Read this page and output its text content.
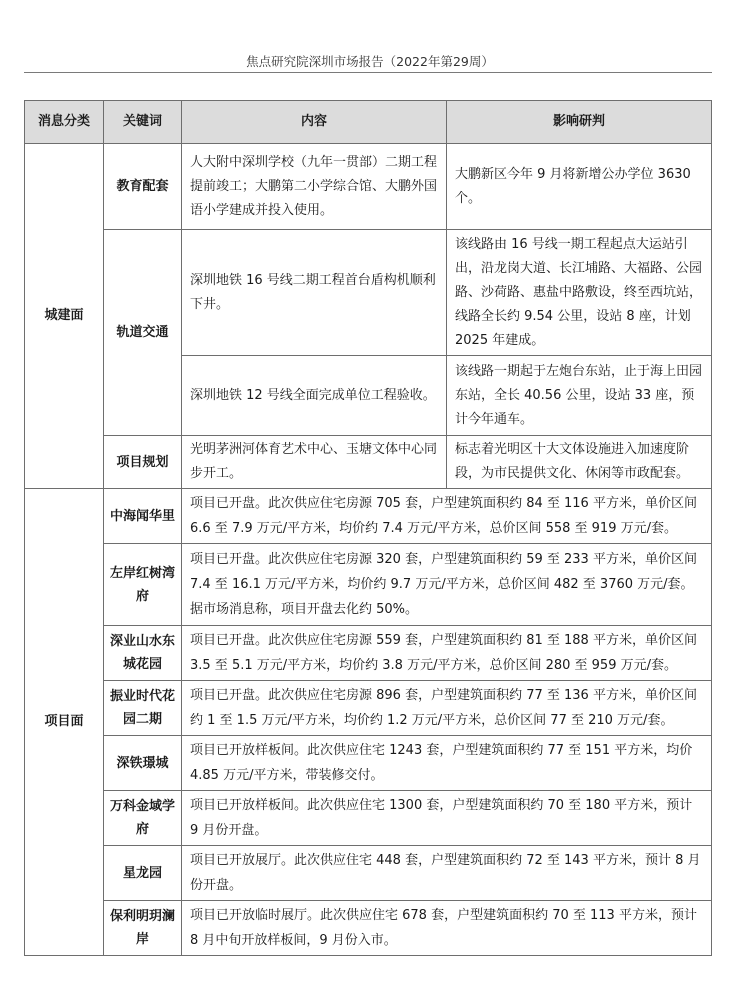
焦点研究院深圳市场报告（2022年第29周）
消息分类	关键词	内容	影响研判
城建面	教育配套	人大附中深圳学校（九年一贯部）二期工程提前竣工；大鹏第二小学综合馆、大鹏外国语小学建成并投入使用。	大鹏新区今年 9 月将新增公办学位 3630 个。
	轨道交通	深圳地铁 16 号线二期工程首台盾构机顺利下井。	该线路由 16 号线一期工程起点大运站引出，沿龙岗大道、长江埔路、大福路、公园路、沙荷路、惠盐中路敷设，终至西坑站，线路全长约 9.54 公里，设站 8 座，计划 2025 年建成。
		深圳地铁 12 号线全面完成单位工程验收。	该线路一期起于左炮台东站，止于海上田园东站，全长 40.56 公里，设站 33 座，预计今年通车。
	项目规划	光明茅洲河体育艺术中心、玉塘文体中心同步开工。	标志着光明区十大文体设施进入加速度阶段，为市民提供文化、休闲等市政配套。
项目面	中海闻华里	项目已开盘。此次供应住宅房源 705 套，户型建筑面积约 84 至 116 平方米，单价区间 6.6 至 7.9 万元/平方米，均价约 7.4 万元/平方米，总价区间 558 至 919 万元/套。	
	左岸红树湾府	项目已开盘。此次供应住宅房源 320 套，户型建筑面积约 59 至 233 平方米，单价区间 7.4 至 16.1 万元/平方米，均价约 9.7 万元/平方米，总价区间 482 至 3760 万元/套。据市场消息称，项目开盘去化约 50%。	
	深业山水东城花园	项目已开盘。此次供应住宅房源 559 套，户型建筑面积约 81 至 188 平方米，单价区间 3.5 至 5.1 万元/平方米，均价约 3.8 万元/平方米，总价区间 280 至 959 万元/套。	
	振业时代花园二期	项目已开盘。此次供应住宅房源 896 套，户型建筑面积约 77 至 136 平方米，单价区间约 1 至 1.5 万元/平方米，均价约 1.2 万元/平方米，总价区间 77 至 210 万元/套。	
	深铁璟城	项目已开放样板间。此次供应住宅 1243 套，户型建筑面积约 77 至 151 平方米，均价 4.85 万元/平方米，带装修交付。	
	万科金域学府	项目已开放样板间。此次供应住宅 1300 套，户型建筑面积约 70 至 180 平方米，预计 9 月份开盘。	
	星龙园	项目已开放展厅。此次供应住宅 448 套，户型建筑面积约 72 至 143 平方米，预计 8 月份开盘。	
	保利明玥澜岸	项目已开放临时展厅。此次供应住宅 678 套，户型建筑面积约 70 至 113 平方米，预计 8 月中旬开放样板间，9 月份入市。	
